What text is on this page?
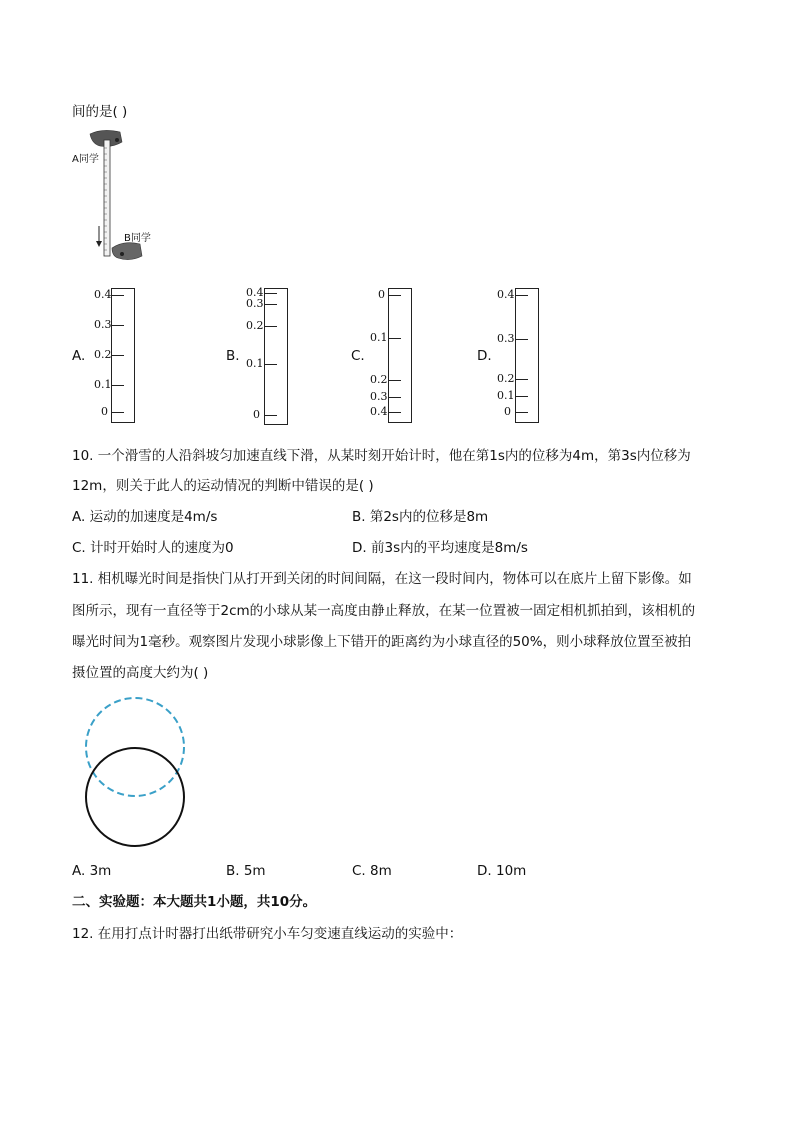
间的是( )
A同学
B同学
A.
0.4
0.3
0.2
0.1
0
B.
0.4
0.3
0.2
0.1
0
C.
0
0.1
0.2
0.3
0.4
D.
0.4
0.3
0.2
0.1
0
10. 一个滑雪的人沿斜坡匀加速直线下滑，从某时刻开始计时，他在第1s内的位移为4m，第3s内位移为
12m，则关于此人的运动情况的判断中错误的是( )
A. 运动的加速度是4m/s	B. 第2s内的位移是8m
C. 计时开始时人的速度为0	D. 前3s内的平均速度是8m/s
11. 相机曝光时间是指快门从打开到关闭的时间间隔，在这一段时间内，物体可以在底片上留下影像。如
图所示，现有一直径等于2cm的小球从某一高度由静止释放，在某一位置被一固定相机抓拍到，该相机的
曝光时间为1毫秒。观察图片发现小球影像上下错开的距离约为小球直径的50%，则小球释放位置至被拍
摄位置的高度大约为( )
A. 3m	B. 5m	C. 8m	D. 10m
二、实验题：本大题共1小题，共10分。
12. 在用打点计时器打出纸带研究小车匀变速直线运动的实验中：
